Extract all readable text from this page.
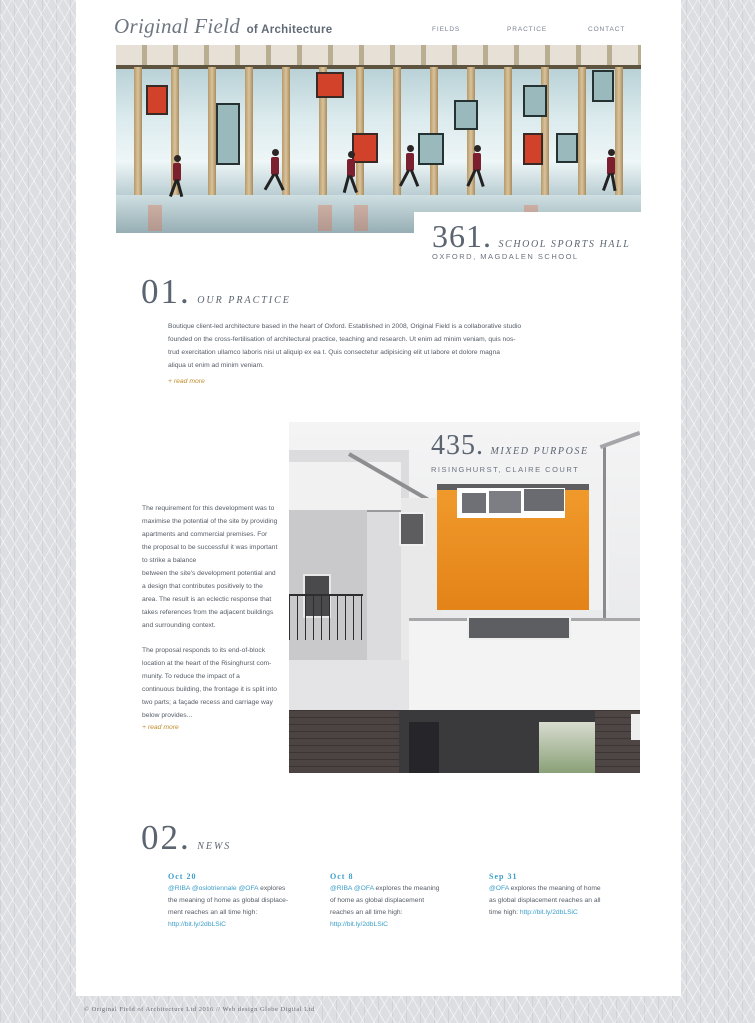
Original Field of Architecture	FIELDS	PRACTICE	CONTACT
361. SCHOOL SPORTS HALL
OXFORD, MAGDALEN SCHOOL
01. OUR PRACTICE
Boutique client-led architecture based in the heart of Oxford. Established in 2008, Original Field is a collaborative studio
founded on the cross-fertilisation of architectural practice, teaching and research. Ut enim ad minim veniam, quis nos-
trud exercitation ullamco laboris nisi ut aliquip ex ea t. Quis consectetur adipisicing elit ut labore et dolore magna
aliqua ut enim ad minim veniam.
+ read more
The requirement for this development was to
maximise the potential of the site by providing
apartments and commercial premises. For
the proposal to be successful it was important
to strike a balance
between the site's development potential and
a design that contributes positively to the
area. The result is an eclectic response that
takes references from the adjacent buildings
and surrounding context.
The proposal responds to its end-of-block
location at the heart of the Risinghurst com-
munity. To reduce the impact of a
continuous building, the frontage it is split into
two parts; a façade recess and carriage way
below provides...
+ read more
435. MIXED PURPOSE
RISINGHURST, CLAIRE COURT
02. NEWS
Oct 20
@RIBA @oslotriennale @OFA explores
the meaning of home as global displace-
ment reaches an all time high:
http://bit.ly/2dbLSiC
Oct 8
@RIBA @OFA explores the meaning
of home as global displacement
reaches an all time high:
http://bit.ly/2dbLSiC
Sep 31
@OFA explores the meaning of home
as global displacement reaches an all
time high: http://bit.ly/2dbLSiC
© Original Field of Architecture Ltd 2016 // Web design Globe Digital Ltd
